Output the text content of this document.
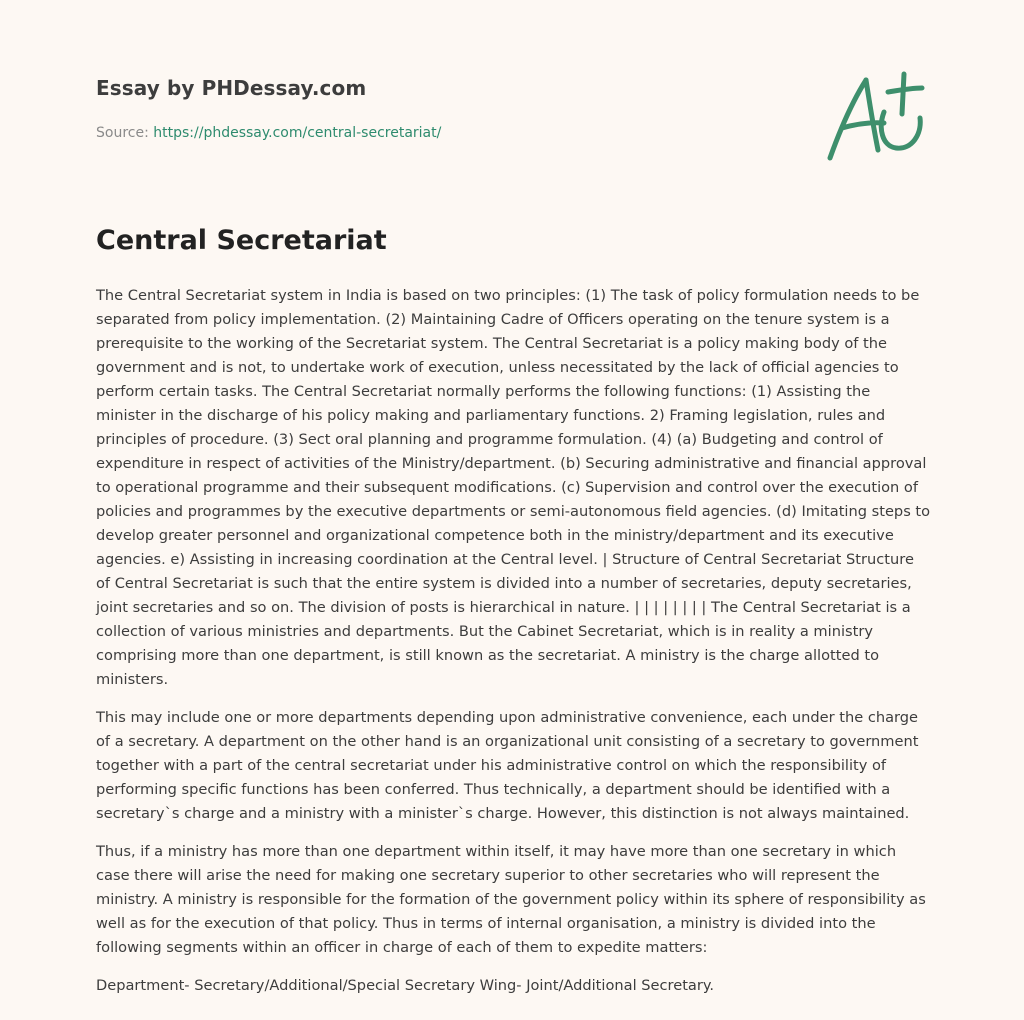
Essay by PHDessay.com
Source: https://phdessay.com/central-secretariat/
Central Secretariat

The Central Secretariat system in India is based on two principles: (1) The task of policy formulation needs to be separated from policy implementation. (2) Maintaining Cadre of Officers operating on the tenure system is a prerequisite to the working of the Secretariat system. The Central Secretariat is a policy making body of the government and is not, to undertake work of execution, unless necessitated by the lack of official agencies to perform certain tasks. The Central Secretariat normally performs the following functions: (1) Assisting the minister in the discharge of his policy making and parliamentary functions. 2) Framing legislation, rules and principles of procedure. (3) Sect oral planning and programme formulation. (4) (a) Budgeting and control of expenditure in respect of activities of the Ministry/department. (b) Securing administrative and financial approval to operational programme and their subsequent modifications. (c) Supervision and control over the execution of policies and programmes by the executive departments or semi-autonomous field agencies. (d) Imitating steps to develop greater personnel and organizational competence both in the ministry/department and its executive agencies. e) Assisting in increasing coordination at the Central level. | Structure of Central Secretariat Structure of Central Secretariat is such that the entire system is divided into a number of secretaries, deputy secretaries, joint secretaries and so on. The division of posts is hierarchical in nature. | | | | | | | | The Central Secretariat is a collection of various ministries and departments. But the Cabinet Secretariat, which is in reality a ministry comprising more than one department, is still known as the secretariat. A ministry is the charge allotted to ministers.

This may include one or more departments depending upon administrative convenience, each under the charge of a secretary. A department on the other hand is an organizational unit consisting of a secretary to government together with a part of the central secretariat under his administrative control on which the responsibility of performing specific functions has been conferred. Thus technically, a department should be identified with a secretary`s charge and a ministry with a minister`s charge. However, this distinction is not always maintained.

Thus, if a ministry has more than one department within itself, it may have more than one secretary in which case there will arise the need for making one secretary superior to other secretaries who will represent the ministry. A ministry is responsible for the formation of the government policy within its sphere of responsibility as well as for the execution of that policy. Thus in terms of internal organisation, a ministry is divided into the following segments within an officer in charge of each of them to expedite matters:

Department- Secretary/Additional/Special Secretary Wing- Joint/Additional Secretary.
